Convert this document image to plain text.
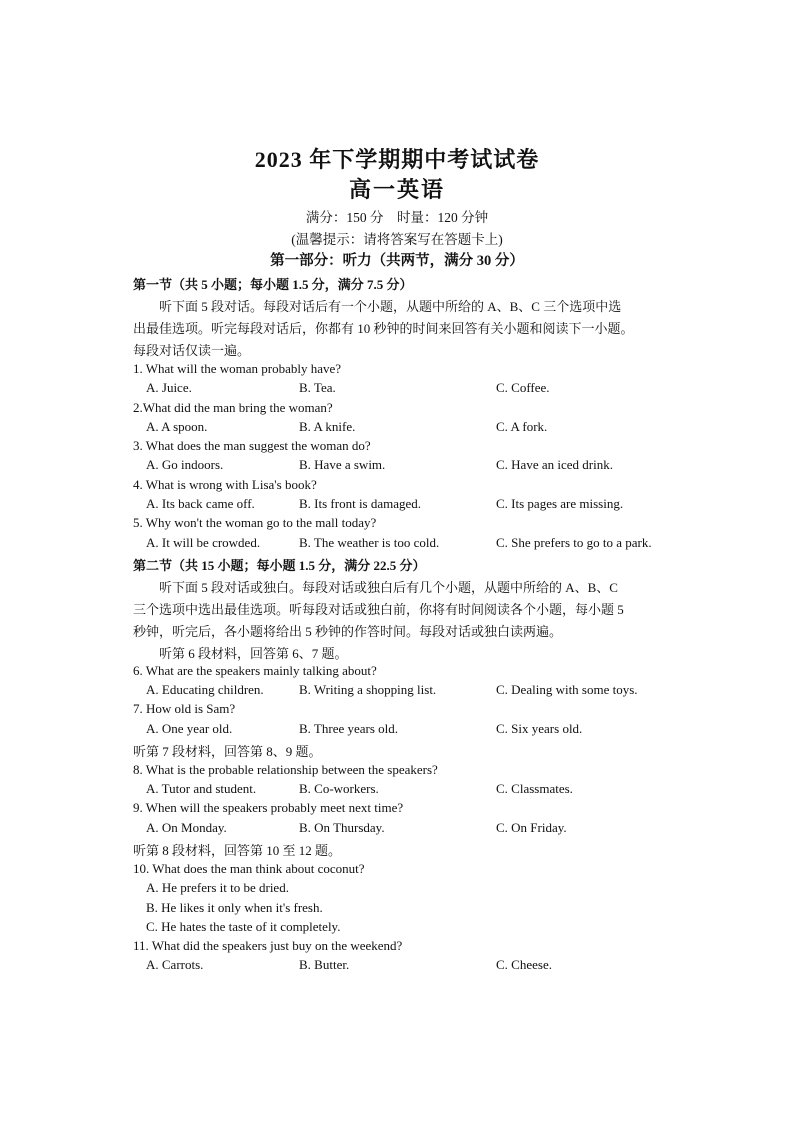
2023 年下学期期中考试试卷
高一英语
满分：150 分　时量：120 分钟
(温馨提示：请将答案写在答题卡上)
第一部分：听力（共两节，满分 30 分）
第一节（共 5 小题；每小题 1.5 分，满分 7.5 分）
　　听下面 5 段对话。每段对话后有一个小题，从题中所给的 A、B、C 三个选项中选
出最佳选项。听完每段对话后，你都有 10 秒钟的时间来回答有关小题和阅读下一小题。
每段对话仅读一遍。
1. What will the woman probably have?
A. Juice.	B. Tea.	C. Coffee.
2.What did the man bring the woman?
A. A spoon.	B. A knife.	C. A fork.
3. What does the man suggest the woman do?
A. Go indoors.	B. Have a swim.	C. Have an iced drink.
4. What is wrong with Lisa's book?
A. Its back came off.	B. Its front is damaged.	C. Its pages are missing.
5. Why won't the woman go to the mall today?
A. It will be crowded.	B. The weather is too cold.	C. She prefers to go to a park.
第二节（共 15 小题；每小题 1.5 分，满分 22.5 分）
　　听下面 5 段对话或独白。每段对话或独白后有几个小题，从题中所给的 A、B、C
三个选项中选出最佳选项。听每段对话或独白前，你将有时间阅读各个小题，每小题 5
秒钟，听完后，各小题将给出 5 秒钟的作答时间。每段对话或独白读两遍。
　　听第 6 段材料，回答第 6、7 题。
6. What are the speakers mainly talking about?
A. Educating children.	B. Writing a shopping list.	C. Dealing with some toys.
7. How old is Sam?
A. One year old.	B. Three years old.	C. Six years old.
听第 7 段材料，回答第 8、9 题。
8. What is the probable relationship between the speakers?
A. Tutor and student.	B. Co-workers.	C. Classmates.
9. When will the speakers probably meet next time?
A. On Monday.	B. On Thursday.	C. On Friday.
听第 8 段材料，回答第 10 至 12 题。
10. What does the man think about coconut?
A. He prefers it to be dried.
B. He likes it only when it's fresh.
C. He hates the taste of it completely.
11. What did the speakers just buy on the weekend?
A. Carrots.	B. Butter.	C. Cheese.
